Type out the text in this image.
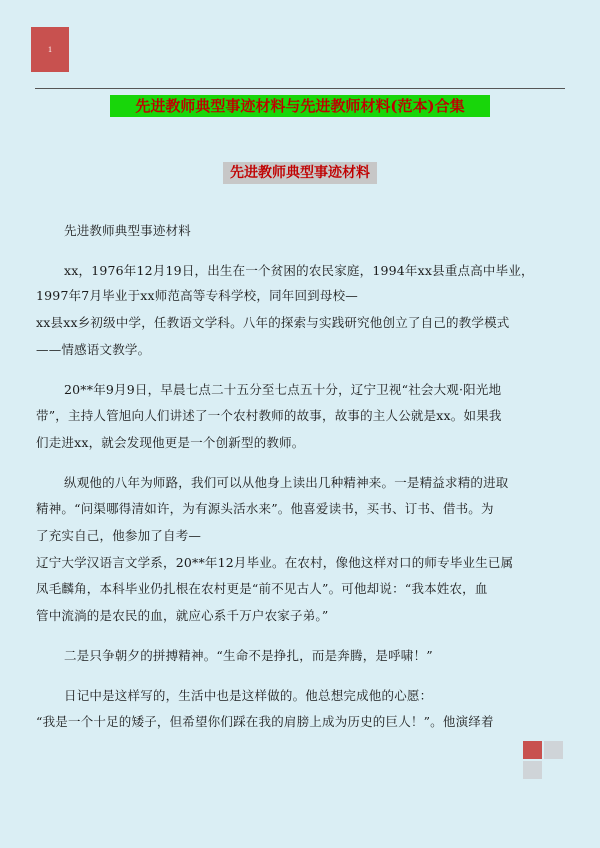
1
先进教师典型事迹材料与先进教师材料(范本)合集
先进教师典型事迹材料
先进教师典型事迹材料
xx，1976年12月19日，出生在一个贫困的农民家庭，1994年xx县重点高中毕业，
1997年7月毕业于xx师范高等专科学校，同年回到母校—
xx县xx乡初级中学，任教语文学科。八年的探索与实践研究他创立了自己的教学模式
——情感语文教学。
20**年9月9日，早晨七点二十五分至七点五十分，辽宁卫视“社会大观·阳光地
带”，主持人管旭向人们讲述了一个农村教师的故事，故事的主人公就是xx。如果我
们走进xx，就会发现他更是一个创新型的教师。
纵观他的八年为师路，我们可以从他身上读出几种精神来。一是精益求精的进取
精神。“问渠哪得清如许，为有源头活水来”。他喜爱读书，买书、订书、借书。为
了充实自己，他参加了自考—
辽宁大学汉语言文学系，20**年12月毕业。在农村，像他这样对口的师专毕业生已属
凤毛麟角，本科毕业仍扎根在农村更是“前不见古人”。可他却说：“我本姓农，血
管中流淌的是农民的血，就应心系千万户农家子弟。”
二是只争朝夕的拼搏精神。“生命不是挣扎，而是奔腾，是呼啸！”
日记中是这样写的，生活中也是这样做的。他总想完成他的心愿：
“我是一个十足的矮子，但希望你们踩在我的肩膀上成为历史的巨人！”。他演绎着
